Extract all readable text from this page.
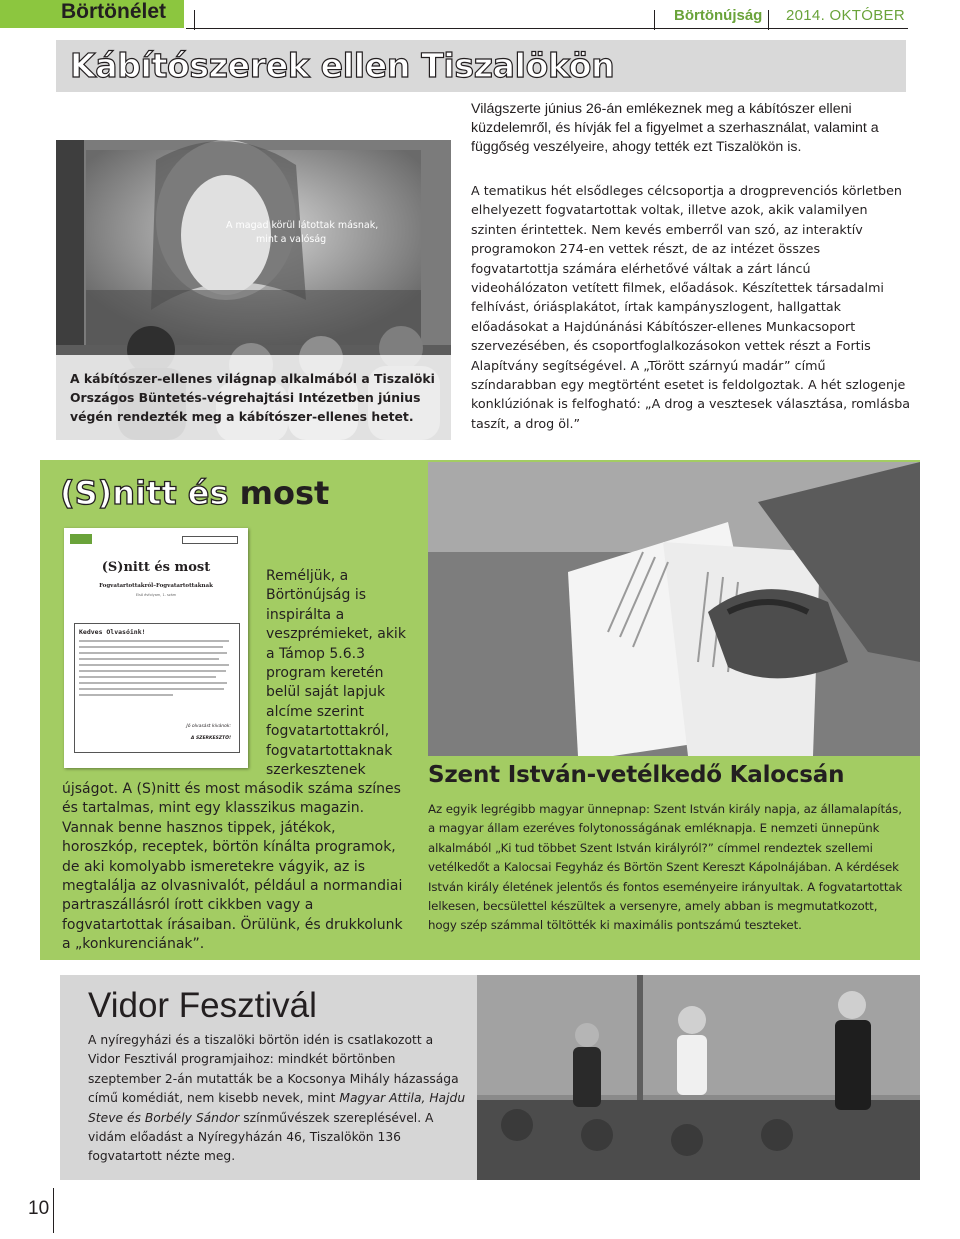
Börtönélet	Börtönújság 2014. OKTÓBER
Kábítószerek ellen Tiszalökön

Világszerte június 26-án emlékeznek meg a kábítószer elleni küzdelemről, és hívják fel a figyelmet a szerhasználat, valamint a függőség veszélyeire, ahogy tették ezt Tiszalökön is.

A magad körül látottak másnak,
mint a valóság
A kábítószer-ellenes világnap alkalmából a Tiszalöki Országos Büntetés-végrehajtási Intézetben június végén rendezték meg a kábítószer-ellenes hetet.

A tematikus hét elsődleges célcsoportja a drogprevenciós körletben elhelyezett fogvatartottak voltak, illetve azok, akik valamilyen szinten érintettek. Nem kevés emberről van szó, az interaktív programokon 274-en vettek részt, de az intézet összes fogvatartottja számára elérhetővé váltak a zárt láncú videohálózaton vetített filmek, előadások. Készítettek társadalmi felhívást, óriásplakátot, írtak kampányszlogent, hallgattak előadásokat a Hajdúnánási Kábítószer-ellenes Munkacsoport szervezésében, és csoportfoglalkozásokon vettek részt a Fortis Alapítvány segítségével. A „Törött szárnyú madár” című színdarabban egy megtörtént esetet is feldolgoztak. A hét szlogenje konklúziónak is felfogható: „A drog a vesztesek választása, romlásba taszít, a drog öl.”

(S)nitt és most
(S)nitt és most
Fogvatartottakról–Fogvatartottaknak
Első évfolyam, 1. szám
Kedves Olvasóink!
Jó olvasást kívánok:
A SZERKESZTŐ!

Reméljük, a Börtönújság is inspirálta a veszprémieket, akik a Támop 5.6.3 program keretén belül saját lapjuk alcíme szerint fogvatartottakról, fogvatartottaknak szerkesztenek

újságot. A (S)nitt és most második száma színes és tartalmas, mint egy klasszikus magazin. Vannak benne hasznos tippek, játékok, horoszkóp, receptek, börtön kínálta programok, de aki komolyabb ismeretekre vágyik, az is megtalálja az olvasnivalót, például a normandiai partraszállásról írott cikkben vagy a fogvatartottak írásaiban. Örülünk, és drukkolunk a „konkurenciának”.

Szent István-vetélkedő Kalocsán

Az egyik legrégibb magyar ünnepnap: Szent István király napja, az államalapítás, a magyar állam ezeréves folytonosságának emléknapja. E nemzeti ünnepünk alkalmából „Ki tud többet Szent István királyról?” címmel rendeztek szellemi vetélkedőt a Kalocsai Fegyház és Börtön Szent Kereszt Kápolnájában. A kérdések István király életének jelentős és fontos eseményeire irányultak. A fogvatartottak lelkesen, becsülettel készültek a versenyre, amely abban is megmutatkozott, hogy szép számmal töltötték ki maximális pontszámú teszteket.

Vidor Fesztivál

A nyíregyházi és a tiszalöki börtön idén is csatlakozott a Vidor Fesztivál programjaihoz: mindkét börtönben szeptember 2-án mutatták be a Kocsonya Mihály házassága című komédiát, nem kisebb nevek, mint Magyar Attila, Hajdu Steve és Borbély Sándor színművészek szereplésével. A vidám előadást a Nyíregyházán 46, Tiszalökön 136 fogvatartott nézte meg.

10
